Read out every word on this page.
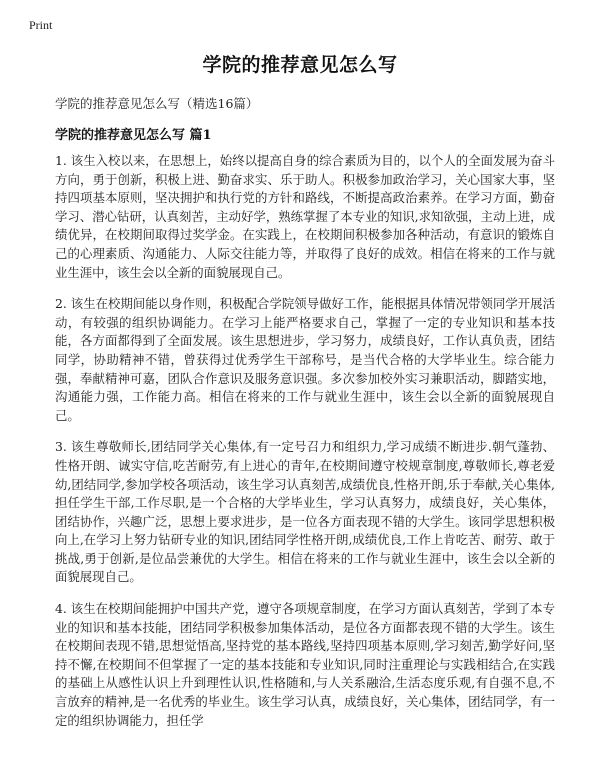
Print
学院的推荐意见怎么写
学院的推荐意见怎么写（精选16篇）
学院的推荐意见怎么写 篇1

1. 该生入校以来，在思想上，始终以提高自身的综合素质为目的，以个人的全面发展为奋斗方向，勇于创新，积极上进、勤奋求实、乐于助人。积极参加政治学习，关心国家大事，坚持四项基本原则，坚决拥护和执行党的方针和路线，不断提高政治素养。在学习方面，勤奋学习、潜心钻研，认真刻苦，主动好学，熟练掌握了本专业的知识,求知欲强，主动上进，成绩优异，在校期间取得过奖学金。在实践上，在校期间积极参加各种活动，有意识的锻炼自己的心理素质、沟通能力、人际交往能力等，并取得了良好的成效。相信在将来的工作与就业生涯中，该生会以全新的面貌展现自己。

2. 该生在校期间能以身作则，积极配合学院领导做好工作，能根据具体情况带领同学开展活动，有较强的组织协调能力。在学习上能严格要求自己，掌握了一定的专业知识和基本技能，各方面都得到了全面发展。该生思想进步，学习努力，成绩良好，工作认真负责，团结同学，协助精神不错，曾获得过优秀学生干部称号，是当代合格的大学毕业生。综合能力强，奉献精神可嘉，团队合作意识及服务意识强。多次参加校外实习兼职活动，脚踏实地，沟通能力强，工作能力高。相信在将来的工作与就业生涯中，该生会以全新的面貌展现自己。

3. 该生尊敬师长,团结同学关心集体,有一定号召力和组织力,学习成绩不断进步.朝气蓬勃、性格开朗、诚实守信,吃苦耐劳,有上进心的青年,在校期间遵守校规章制度,尊敬师长,尊老爱幼,团结同学,参加学校各项活动，该生学习认真刻苦,成绩优良,性格开朗,乐于奉献,关心集体,担任学生干部,工作尽职,是一个合格的大学毕业生，学习认真努力，成绩良好，关心集体，团结协作，兴趣广泛，思想上要求进步，是一位各方面表现不错的大学生。该同学思想积极向上,在学习上努力钻研专业的知识,团结同学性格开朗,成绩优良,工作上肯吃苦、耐劳、敢于挑战,勇于创新,是位品尝兼优的大学生。相信在将来的工作与就业生涯中，该生会以全新的面貌展现自己。

4. 该生在校期间能拥护中国共产党，遵守各项规章制度，在学习方面认真刻苦，学到了本专业的知识和基本技能，团结同学积极参加集体活动，是位各方面都表现不错的大学生。该生在校期间表现不错,思想觉悟高,坚持党的基本路线,坚持四项基本原则,学习刻苦,勤学好问,坚持不懈,在校期间不但掌握了一定的基本技能和专业知识,同时注重理论与实践相结合,在实践的基础上从感性认识上升到理性认识,性格随和,与人关系融洽,生活态度乐观,有自强不息,不言放弃的精神,是一名优秀的毕业生。该生学习认真，成绩良好，关心集体，团结同学，有一定的组织协调能力，担任学
